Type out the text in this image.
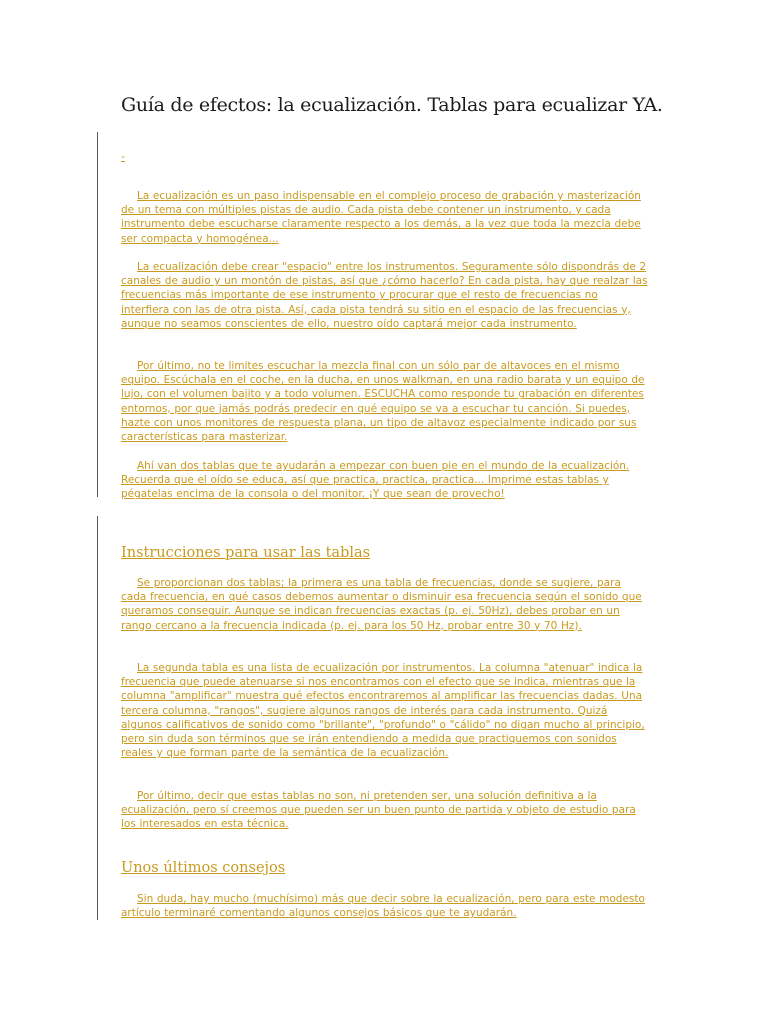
Guía de efectos: la ecualización. Tablas para ecualizar YA.
-

La ecualización es un paso indispensable en el complejo proceso de grabación y masterización de un tema con múltiples pistas de audio. Cada pista debe contener un instrumento, y cada instrumento debe escucharse claramente respecto a los demás, a la vez que toda la mezcla debe ser compacta y homogénea...

La ecualización debe crear "espacio" entre los instrumentos. Seguramente sólo dispondrás de 2 canales de audio y un montón de pistas, así que ¿cómo hacerlo? En cada pista, hay que realzar las frecuencias más importante de ese instrumento y procurar que el resto de frecuencias no interfiera con las de otra pista. Así, cada pista tendrá su sitio en el espacio de las frecuencias y, aunque no seamos conscientes de ello, nuestro oído captará mejor cada instrumento.

Por último, no te limites escuchar la mezcla final con un sólo par de altavoces en el mismo equipo. Escúchala en el coche, en la ducha, en unos walkman, en una radio barata y un equipo de lujo, con el volumen bajito y a todo volumen. ESCUCHA como responde tu grabación en diferentes entornos, por que jamás podrás predecir en qué equipo se va a escuchar tu canción. Si puedes, hazte con unos monitores de respuesta plana, un tipo de altavoz especialmente indicado por sus características para masterizar.

Ahí van dos tablas que te ayudarán a empezar con buen pie en el mundo de la ecualización. Recuerda que el oído se educa, así que practica, practica, practica... Imprime estas tablas y pégatelas encima de la consola o del monitor. ¡Y que sean de provecho!

Instrucciones para usar las tablas

Se proporcionan dos tablas; la primera es una tabla de frecuencias, donde se sugiere, para cada frecuencia, en qué casos debemos aumentar o disminuir esa frecuencia según el sonido que queramos conseguir. Aunque se indican frecuencias exactas (p. ej. 50Hz), debes probar en un rango cercano a la frecuencia indicada (p. ej. para los 50 Hz, probar entre 30 y 70 Hz).

La segunda tabla es una lista de ecualización por instrumentos. La columna "atenuar" indica la frecuencia que puede atenuarse si nos encontramos con el efecto que se indica, mientras que la columna "amplificar" muestra qué efectos encontraremos al amplificar las frecuencias dadas. Una tercera columna, "rangos", sugiere algunos rangos de interés para cada instrumento. Quizá algunos calificativos de sonido como "brillante", "profundo" o "cálido" no digan mucho al principio, pero sin duda son términos que se irán entendiendo a medida que practiquemos con sonidos reales y que forman parte de la semántica de la ecualización.

Por último, decir que estas tablas no son, ni pretenden ser, una solución definitiva a la ecualización, pero sí creemos que pueden ser un buen punto de partida y objeto de estudio para los interesados en esta técnica.

Unos últimos consejos

Sin duda, hay mucho (muchísimo) más que decir sobre la ecualización, pero para este modesto artículo terminaré comentando algunos consejos básicos que te ayudarán.
